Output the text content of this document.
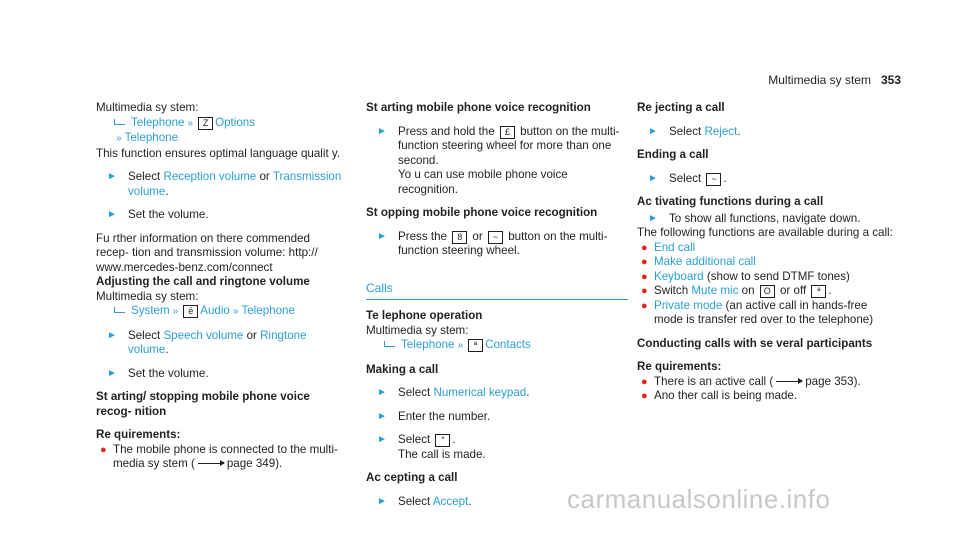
Multimedia sy stem 353
Multimedia sy stem:
Telephone » Z Options
» Telephone
This function ensures optimal language qualit y.
► Select Reception volume or Transmission volume.
► Set the volume.
Fu rther information on there commended recep‐ tion and transmission volume: http:// www.mercedes-benz.com/connect
Adjusting the call and ringtone volume
Multimedia sy stem:
System » ē Audio » Telephone
► Select Speech volume or Ringtone volume.
► Set the volume.
St arting/ stopping mobile phone voice recog‐ nition
Re quirements:
● The mobile phone is connected to the multi‐ media sy stem (	page 349).
St arting mobile phone voice recognition
► Press and hold the £ button on the multi‐ function steering wheel for more than one second.
Yo u can use mobile phone voice recognition.
St opping mobile phone voice recognition
► Press the 8 or ~ button on the multi‐ function steering wheel.
Calls
Te lephone operation
Multimedia sy stem:
Telephone » ª Contacts
Making a call
► Select Numerical keypad.
► Enter the number.
► Select ° .
The call is made.
Ac cepting a call
► Select Accept.
Re jecting a call
► Select Reject.
Ending a call
► Select ~ .
Ac tivating functions during a call
► To show all functions, navigate down.
The following functions are available during a call:
● End call
● Make additional call
● Keyboard (show to send DTMF tones)
● Switch Mute mic on O or off ª .
● Private mode (an active call in hands-free mode is transfer red over to the telephone)
Conducting calls with se veral participants
Re quirements:
● There is an active call (	page 353).
● Ano ther call is being made.
carmanualsonline.info
